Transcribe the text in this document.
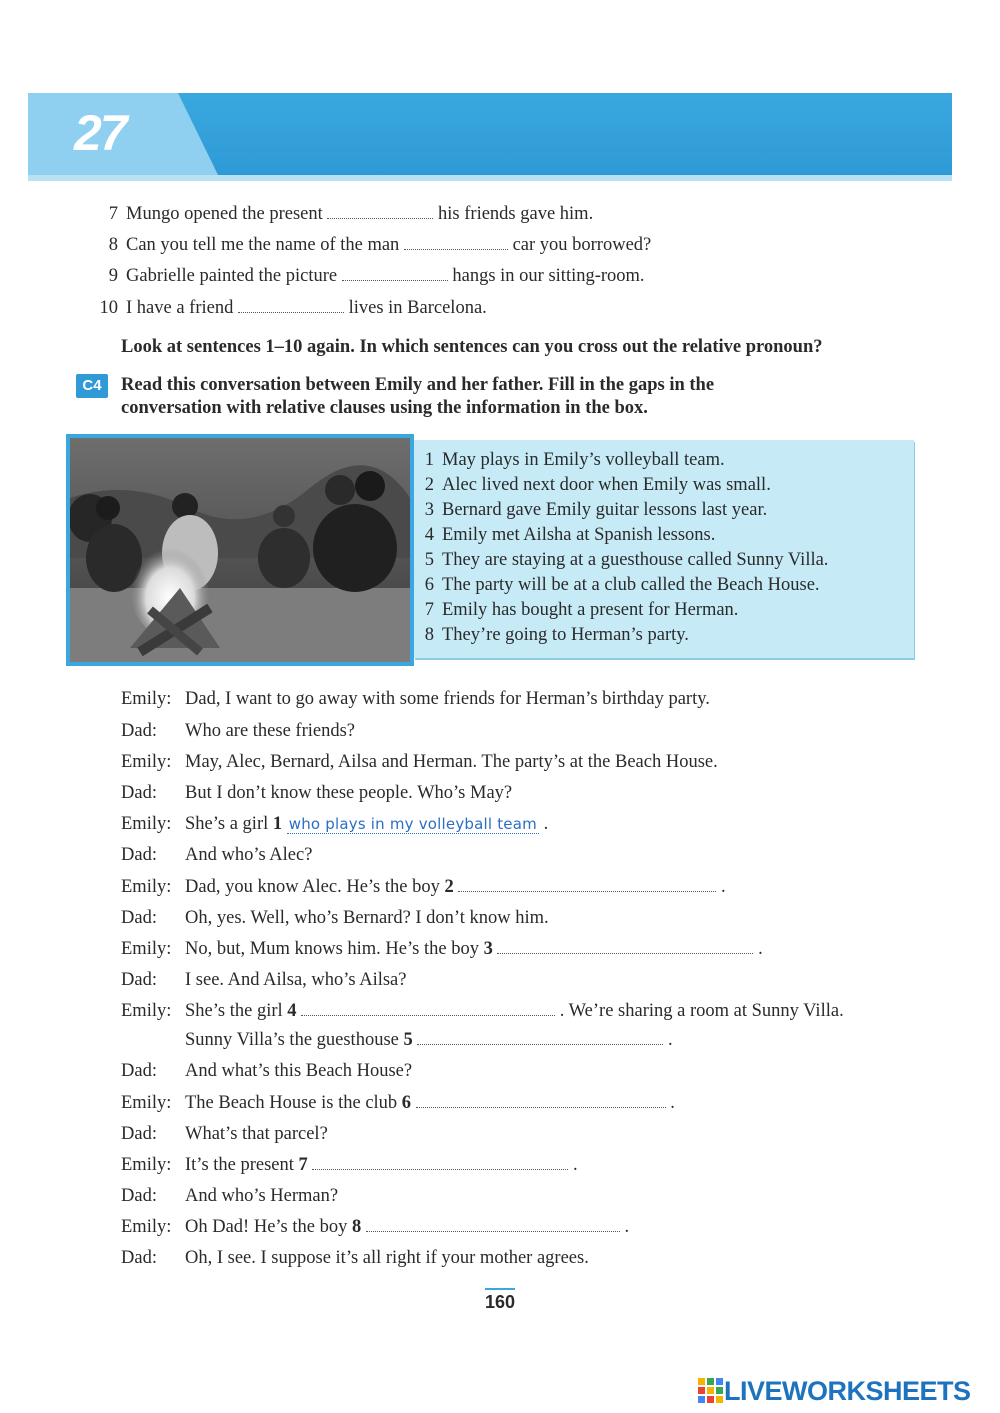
27
7 Mungo opened the present	his friends gave him.
8 Can you tell me the name of the man	car you borrowed?
9 Gabrielle painted the picture	hangs in our sitting-room.
10 I have a friend	lives in Barcelona.
Look at sentences 1–10 again. In which sentences can you cross out the relative pronoun?
C4	Read this conversation between Emily and her father. Fill in the gaps in the
conversation with relative clauses using the information in the box.
1 May plays in Emily’s volleyball team.
2 Alec lived next door when Emily was small.
3 Bernard gave Emily guitar lessons last year.
4 Emily met Ailsha at Spanish lessons.
5 They are staying at a guesthouse called Sunny Villa.
6 The party will be at a club called the Beach House.
7 Emily has bought a present for Herman.
8 They’re going to Herman’s party.
Emily: Dad, I want to go away with some friends for Herman’s birthday party.
Dad: Who are these friends?
Emily: May, Alec, Bernard, Ailsa and Herman. The party’s at the Beach House.
Dad: But I don’t know these people. Who’s May?
Emily: She’s a girl 1 who plays in my volleyball team .
Dad: And who’s Alec?
Emily: Dad, you know Alec. He’s the boy 2	.
Dad: Oh, yes. Well, who’s Bernard? I don’t know him.
Emily: No, but, Mum knows him. He’s the boy 3	.
Dad: I see. And Ailsa, who’s Ailsa?
Emily: She’s the girl 4	. We’re sharing a room at Sunny Villa.
Sunny Villa’s the guesthouse 5	.
Dad: And what’s this Beach House?
Emily: The Beach House is the club 6	.
Dad: What’s that parcel?
Emily: It’s the present 7	.
Dad: And who’s Herman?
Emily: Oh Dad! He’s the boy 8	.
Dad: Oh, I see. I suppose it’s all right if your mother agrees.
160
LIVEWORKSHEETS
